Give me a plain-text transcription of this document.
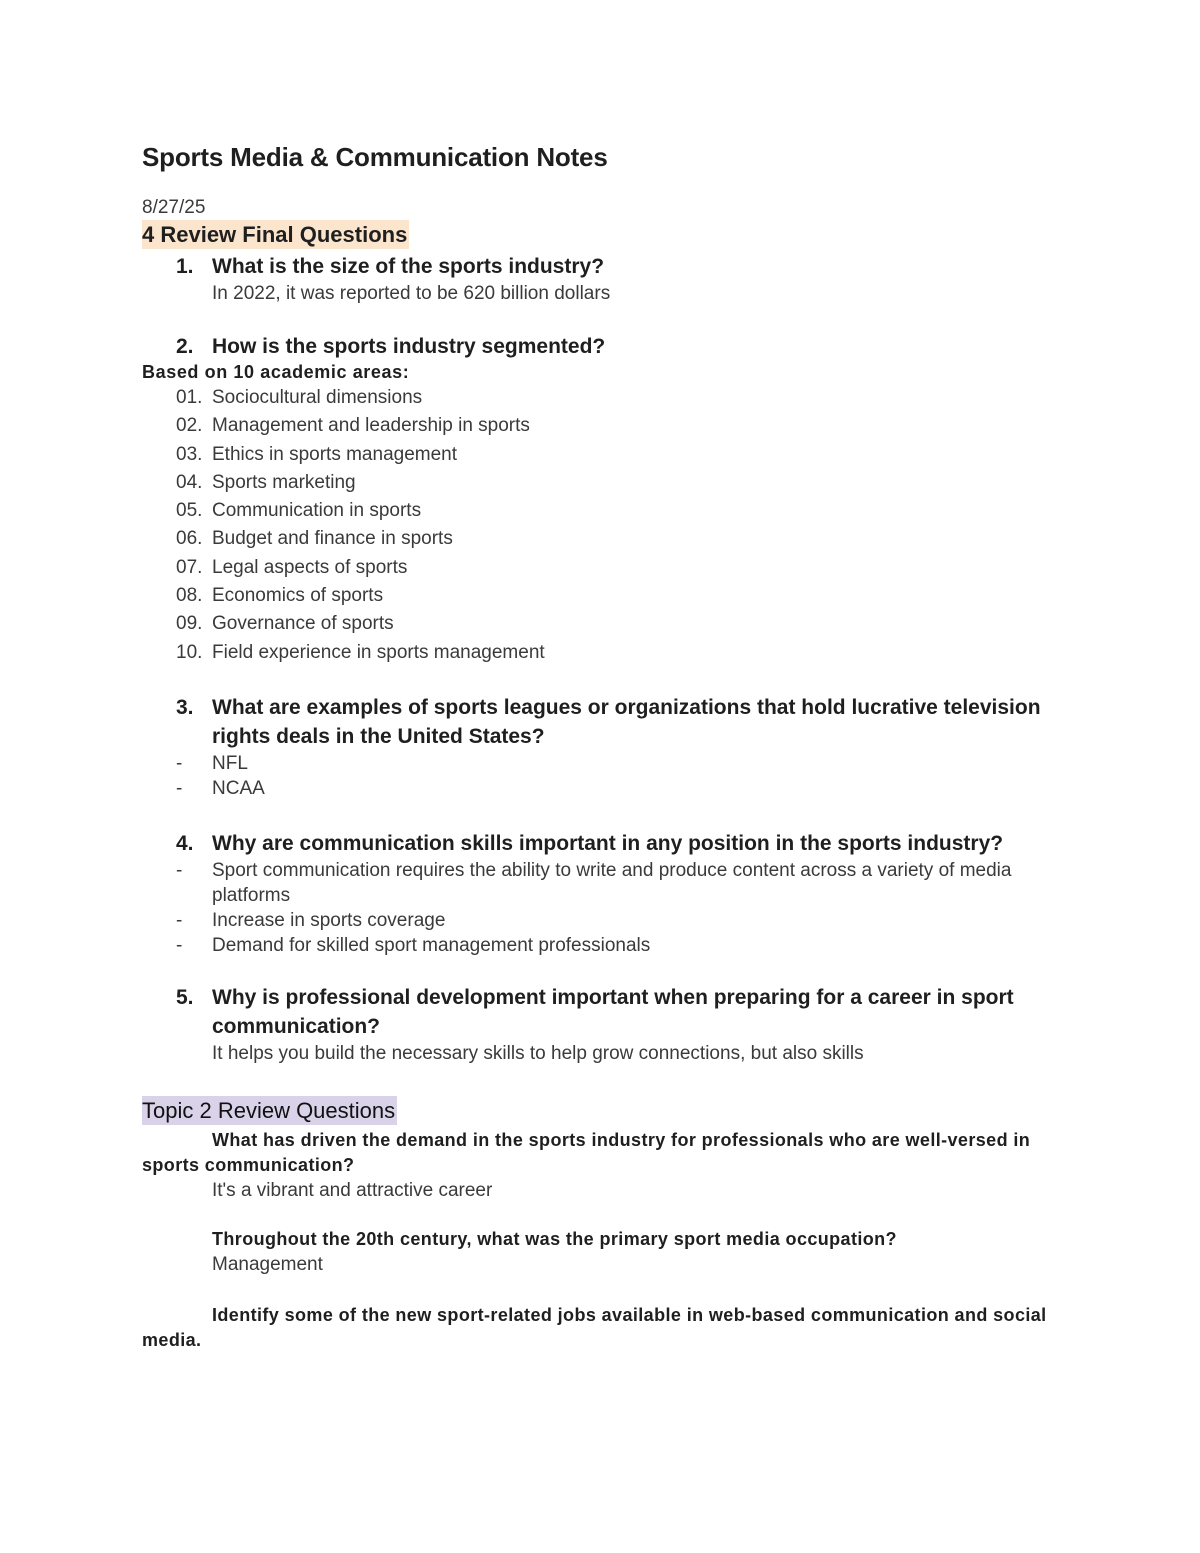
Sports Media & Communication Notes

8/27/25

4 Review Final Questions
1. What is the size of the sports industry?

In 2022, it was reported to be 620 billion dollars

2. How is the sports industry segmented?

Based on 10 academic areas:

01. Sociocultural dimensions
02. Management and leadership in sports
03. Ethics in sports management
04. Sports marketing
05. Communication in sports
06. Budget and finance in sports
07. Legal aspects of sports
08. Economics of sports
09. Governance of sports
10. Field experience in sports management
3. What are examples of sports leagues or organizations that hold lucrative television rights deals in the United States?

- NFL
- NCAA
4. Why are communication skills important in any position in the sports industry?

- Sport communication requires the ability to write and produce content across a variety of media platforms
- Increase in sports coverage
- Demand for skilled sport management professionals
5. Why is professional development important when preparing for a career in sport communication?

It helps you build the necessary skills to help grow connections, but also skills

Topic 2 Review Questions

What has driven the demand in the sports industry for professionals who are well-versed in sports communication?

It's a vibrant and attractive career

Throughout the 20th century, what was the primary sport media occupation?

Management

Identify some of the new sport-related jobs available in web-based communication and social media.
